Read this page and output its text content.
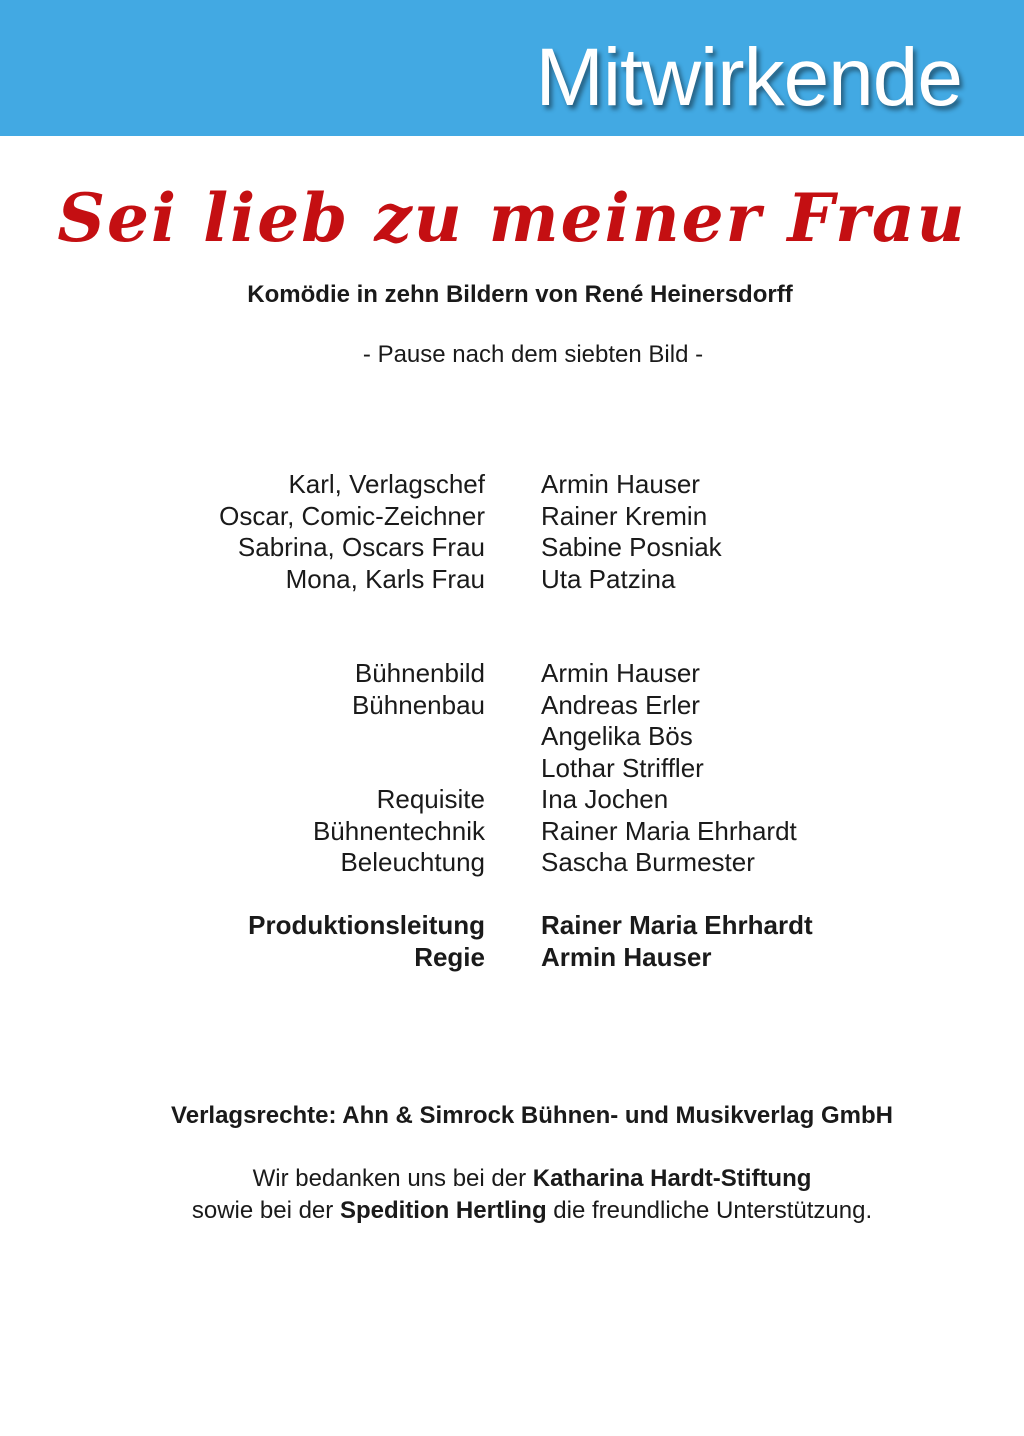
Mitwirkende
Sei lieb zu meiner Frau
Komödie in zehn Bildern von René Heinersdorff
- Pause nach dem siebten Bild -
Karl, Verlagschef Armin Hauser
Oscar, Comic-Zeichner Rainer Kremin
Sabrina, Oscars Frau Sabine Posniak
Mona, Karls Frau Uta Patzina
Bühnenbild Armin Hauser
Bühnenbau Andreas Erler
Angelika Bös
Lothar Striffler
Requisite Ina Jochen
Bühnentechnik Rainer Maria Ehrhardt
Beleuchtung Sascha Burmester
Produktionsleitung Rainer Maria Ehrhardt
Regie Armin Hauser
Verlagsrechte: Ahn & Simrock Bühnen- und Musikverlag GmbH
Wir bedanken uns bei der Katharina Hardt-Stiftung
sowie bei der Spedition Hertling die freundliche Unterstützung.
